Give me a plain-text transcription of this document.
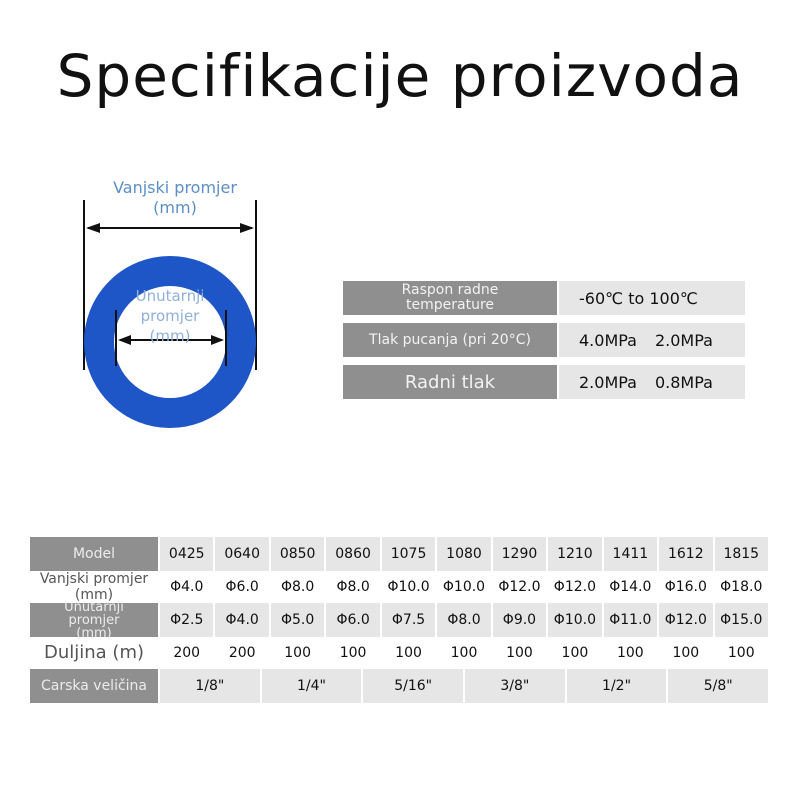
Specifikacije proizvoda
Vanjski promjer
(mm)
Unutarnji
promjer
(mm)
Raspon radne
temperature	-60℃ to 100℃
Tlak pucanja (pri 20°C)	4.0MPa 2.0MPa
Radni tlak	2.0MPa 0.8MPa
Model	0425	0640	0850	0860	1075	1080	1290	1210	1411	1612	1815
Vanjski promjer
(mm)	Φ4.0	Φ6.0	Φ8.0	Φ8.0	Φ10.0 Φ10.0 Φ12.0 Φ12.0 Φ14.0 Φ16.0 Φ18.0
Unutarnji
promjer
(mm)
Φ2.5	Φ4.0	Φ5.0	Φ6.0	Φ7.5	Φ8.0	Φ9.0	Φ10.0 Φ11.0 Φ12.0 Φ15.0
Duljina (m)	200	200	100	100	100	100	100	100	100	100	100
Carska veličina	1/8"	1/4"	5/16"	3/8"	1/2"	5/8"
